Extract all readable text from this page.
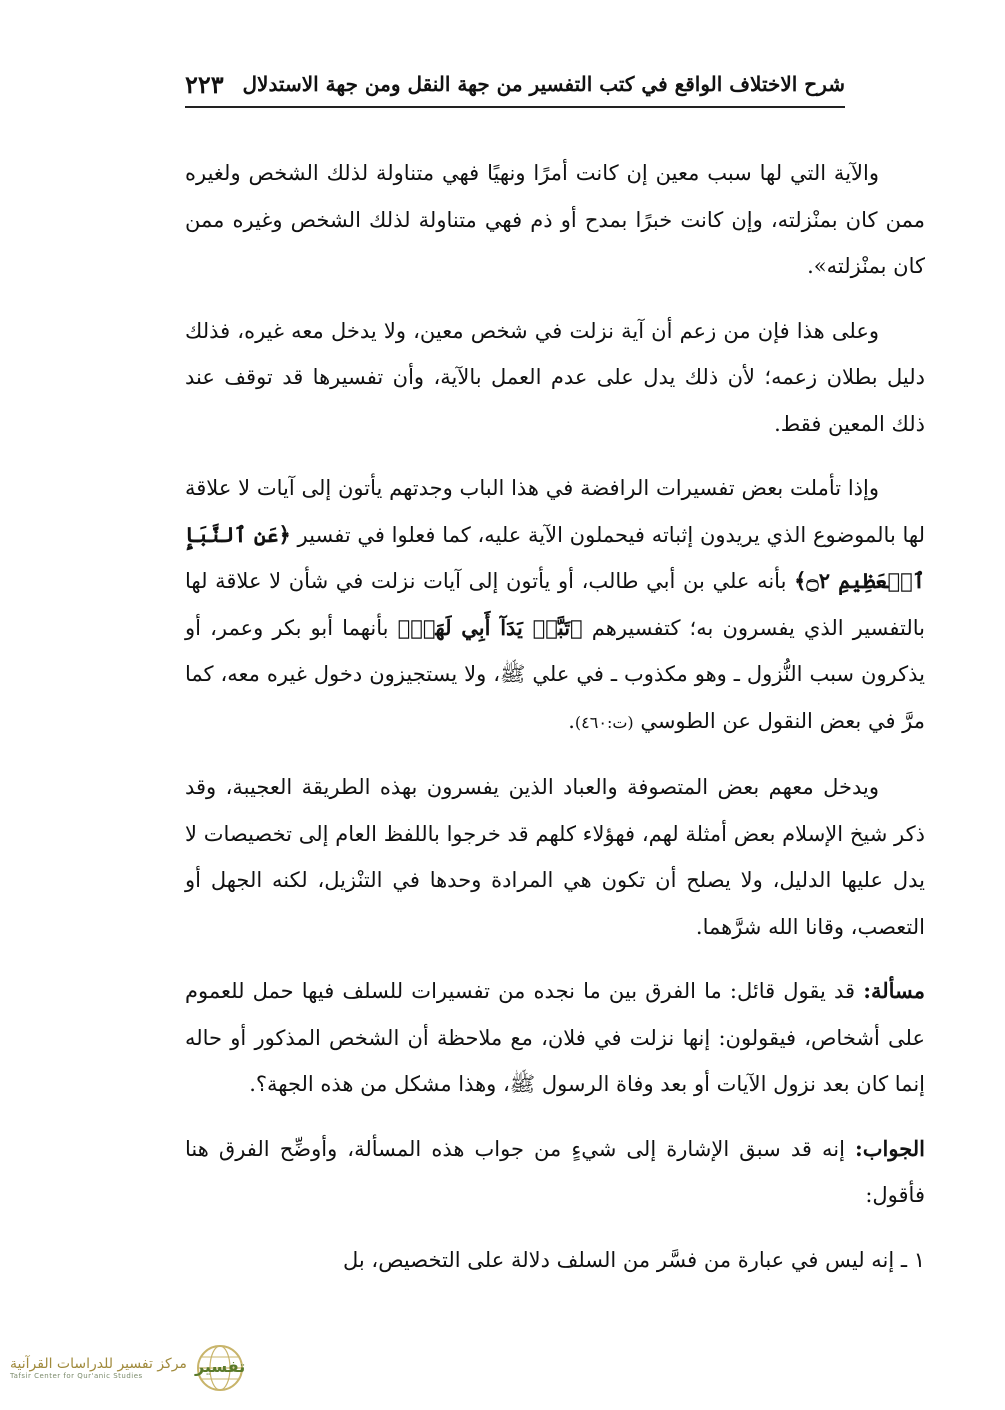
شرح الاختلاف الواقع في كتب التفسير من جهة النقل ومن جهة الاستدلال
٢٢٣

والآية التي لها سبب معين إن كانت أمرًا ونهيًا فهي متناولة لذلك الشخص ولغيره ممن كان بمنْزلته، وإن كانت خبرًا بمدح أو ذم فهي متناولة لذلك الشخص وغيره ممن كان بمنْزلته».

وعلى هذا فإن من زعم أن آية نزلت في شخص معين، ولا يدخل معه غيره، فذلك دليل بطلان زعمه؛ لأن ذلك يدل على عدم العمل بالآية، وأن تفسيرها قد توقف عند ذلك المعين فقط.

وإذا تأملت بعض تفسيرات الرافضة في هذا الباب وجدتهم يأتون إلى آيات لا علاقة لها بالموضوع الذي يريدون إثباته فيحملون الآية عليه، كما فعلوا في تفسير ﴿عَنِ ٱلنَّبَإِ ٱلۡعَظِيمِ ۝٢﴾ بأنه علي بن أبي طالب، أو يأتون إلى آيات نزلت في شأن لا علاقة لها بالتفسير الذي يفسرون به؛ كتفسيرهم ﴿تَبَّتۡ يَدَآ أَبِي لَهَبٖ﴾ بأنهما أبو بكر وعمر، أو يذكرون سبب النُّزول ـ وهو مكذوب ـ في علي ﷺ، ولا يستجيزون دخول غيره معه، كما مرَّ في بعض النقول عن الطوسي (ت:٤٦٠).

ويدخل معهم بعض المتصوفة والعباد الذين يفسرون بهذه الطريقة العجيبة، وقد ذكر شيخ الإسلام بعض أمثلة لهم، فهؤلاء كلهم قد خرجوا باللفظ العام إلى تخصيصات لا يدل عليها الدليل، ولا يصلح أن تكون هي المرادة وحدها في التنْزيل، لكنه الجهل أو التعصب، وقانا الله شرَّهما.

مسألة: قد يقول قائل: ما الفرق بين ما نجده من تفسيرات للسلف فيها حمل للعموم على أشخاص، فيقولون: إنها نزلت في فلان، مع ملاحظة أن الشخص المذكور أو حاله إنما كان بعد نزول الآيات أو بعد وفاة الرسول ﷺ، وهذا مشكل من هذه الجهة؟.

الجواب: إنه قد سبق الإشارة إلى شيءٍ من جواب هذه المسألة، وأوضِّح الفرق هنا فأقول:

١ ـ إنه ليس في عبارة من فسَّر من السلف دلالة على التخصيص، بل

مركز تفسير للدراسات القرآنية
Tafsir Center for Qur'anic Studies	تفسير
